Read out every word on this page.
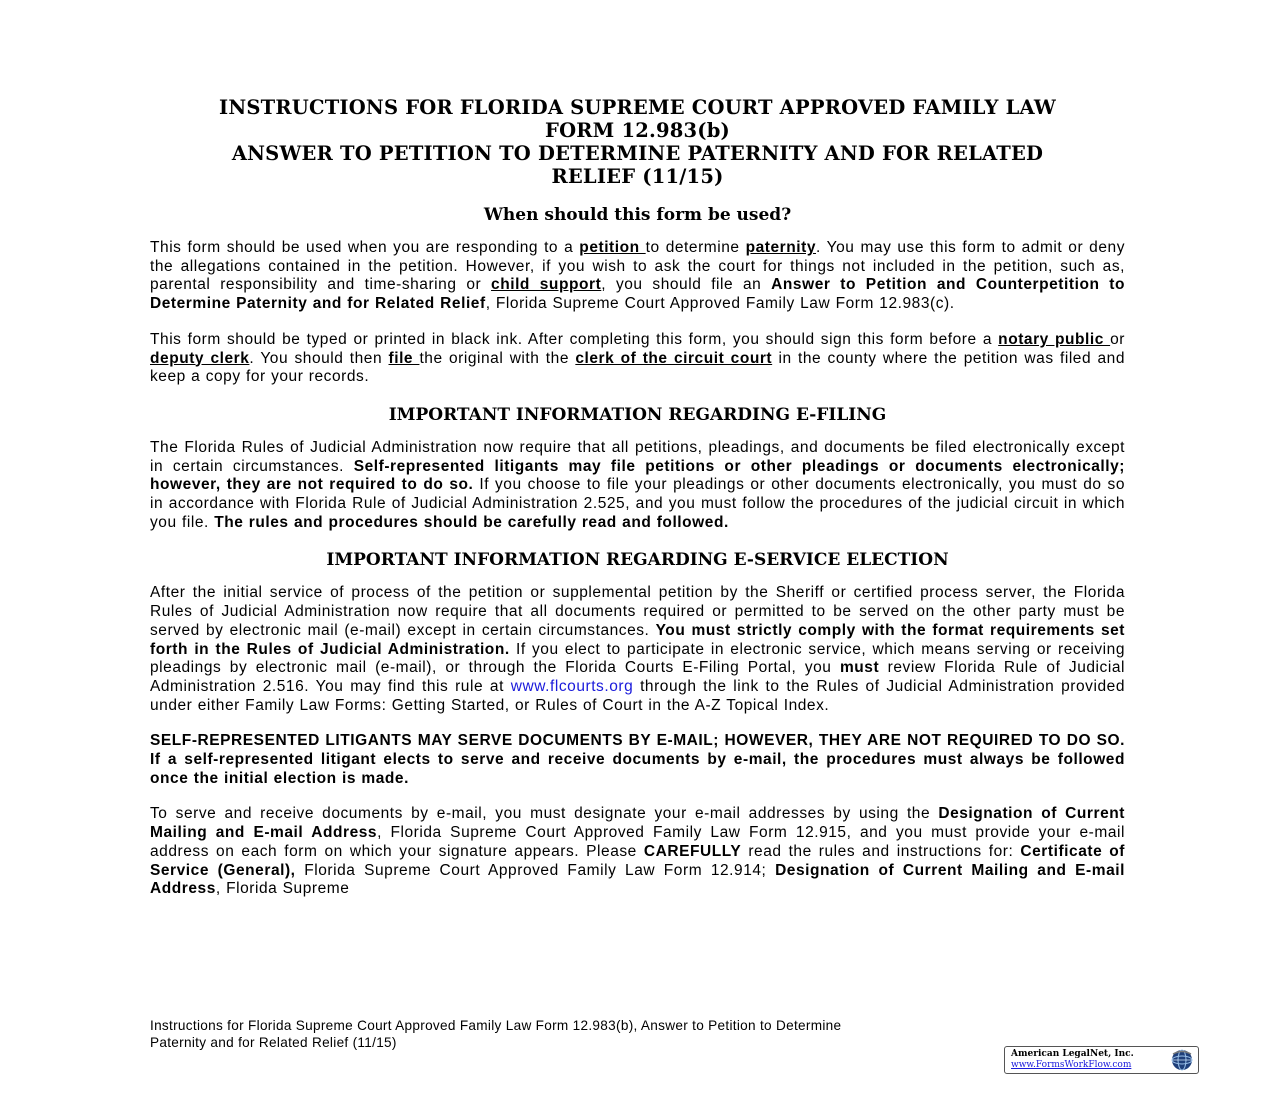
INSTRUCTIONS FOR FLORIDA SUPREME COURT APPROVED FAMILY LAW

FORM 12.983(b)

ANSWER TO PETITION TO DETERMINE PATERNITY AND FOR RELATED

RELIEF (11/15)

When should this form be used?

This form should be used when you are responding to a petition to determine paternity. You may use this form to admit or deny the allegations contained in the petition. However, if you wish to ask the court for things not included in the petition, such as, parental responsibility and time-sharing or child support, you should file an Answer to Petition and Counterpetition to Determine Paternity and for Related Relief, Florida Supreme Court Approved Family Law Form 12.983(c).

This form should be typed or printed in black ink. After completing this form, you should sign this form before a notary public or deputy clerk. You should then file the original with the clerk of the circuit court in the county where the petition was filed and keep a copy for your records.

IMPORTANT INFORMATION REGARDING E-FILING

The Florida Rules of Judicial Administration now require that all petitions, pleadings, and documents be filed electronically except in certain circumstances. Self-represented litigants may file petitions or other pleadings or documents electronically; however, they are not required to do so. If you choose to file your pleadings or other documents electronically, you must do so in accordance with Florida Rule of Judicial Administration 2.525, and you must follow the procedures of the judicial circuit in which you file. The rules and procedures should be carefully read and followed.

IMPORTANT INFORMATION REGARDING E-SERVICE ELECTION

After the initial service of process of the petition or supplemental petition by the Sheriff or certified process server, the Florida Rules of Judicial Administration now require that all documents required or permitted to be served on the other party must be served by electronic mail (e-mail) except in certain circumstances. You must strictly comply with the format requirements set forth in the Rules of Judicial Administration. If you elect to participate in electronic service, which means serving or receiving pleadings by electronic mail (e-mail), or through the Florida Courts E-Filing Portal, you must review Florida Rule of Judicial Administration 2.516. You may find this rule at www.flcourts.org through the link to the Rules of Judicial Administration provided under either Family Law Forms: Getting Started, or Rules of Court in the A-Z Topical Index.

SELF-REPRESENTED LITIGANTS MAY SERVE DOCUMENTS BY E-MAIL; HOWEVER, THEY ARE NOT REQUIRED TO DO SO. If a self-represented litigant elects to serve and receive documents by e-mail, the procedures must always be followed once the initial election is made.

To serve and receive documents by e-mail, you must designate your e-mail addresses by using the Designation of Current Mailing and E-mail Address, Florida Supreme Court Approved Family Law Form 12.915, and you must provide your e-mail address on each form on which your signature appears. Please CAREFULLY read the rules and instructions for: Certificate of Service (General), Florida Supreme Court Approved Family Law Form 12.914; Designation of Current Mailing and E-mail Address, Florida Supreme

Instructions for Florida Supreme Court Approved Family Law Form 12.983(b), Answer to Petition to Determine
Paternity and for Related Relief (11/15)
American LegalNet, Inc.
www.FormsWorkFlow.com
